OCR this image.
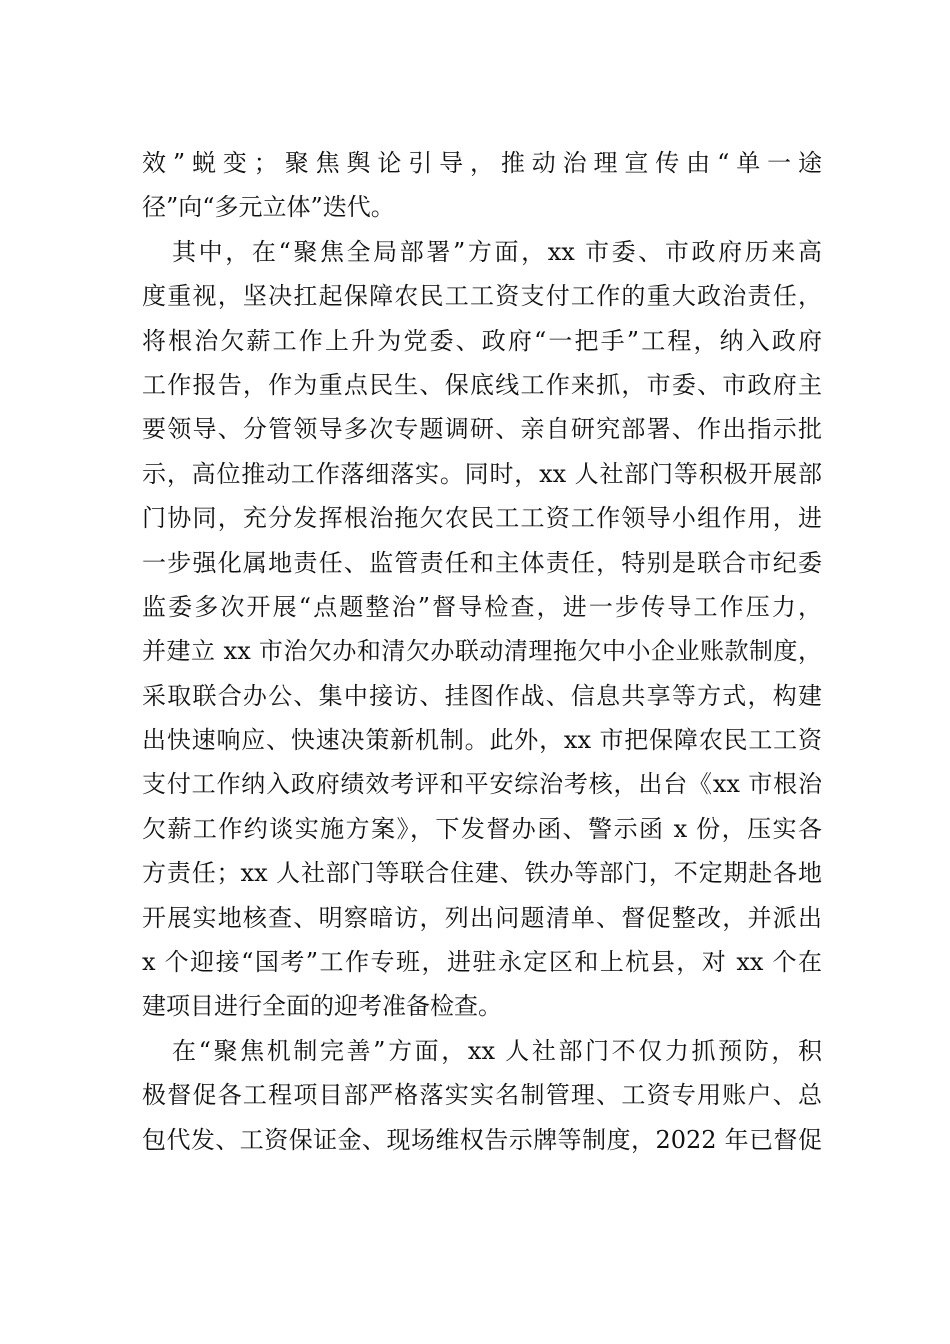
效”蜕变；聚焦舆论引导，推动治理宣传由“单一途
径”向“多元立体”迭代。
其中，在“聚焦全局部署”方面，xx 市委、市政府历来高
度重视，坚决扛起保障农民工工资支付工作的重大政治责任，
将根治欠薪工作上升为党委、政府“一把手”工程，纳入政府
工作报告，作为重点民生、保底线工作来抓，市委、市政府主
要领导、分管领导多次专题调研、亲自研究部署、作出指示批
示，高位推动工作落细落实。同时，xx 人社部门等积极开展部
门协同，充分发挥根治拖欠农民工工资工作领导小组作用，进
一步强化属地责任、监管责任和主体责任，特别是联合市纪委
监委多次开展“点题整治”督导检查，进一步传导工作压力，
并建立 xx 市治欠办和清欠办联动清理拖欠中小企业账款制度，
采取联合办公、集中接访、挂图作战、信息共享等方式，构建
出快速响应、快速决策新机制。此外，xx 市把保障农民工工资
支付工作纳入政府绩效考评和平安综治考核，出台《xx 市根治
欠薪工作约谈实施方案》，下发督办函、警示函 x 份，压实各
方责任；xx 人社部门等联合住建、铁办等部门，不定期赴各地
开展实地核查、明察暗访，列出问题清单、督促整改，并派出
x 个迎接“国考”工作专班，进驻永定区和上杭县，对 xx 个在
建项目进行全面的迎考准备检查。
在“聚焦机制完善”方面，xx 人社部门不仅力抓预防，积
极督促各工程项目部严格落实实名制管理、工资专用账户、总
包代发、工资保证金、现场维权告示牌等制度，2022 年已督促
